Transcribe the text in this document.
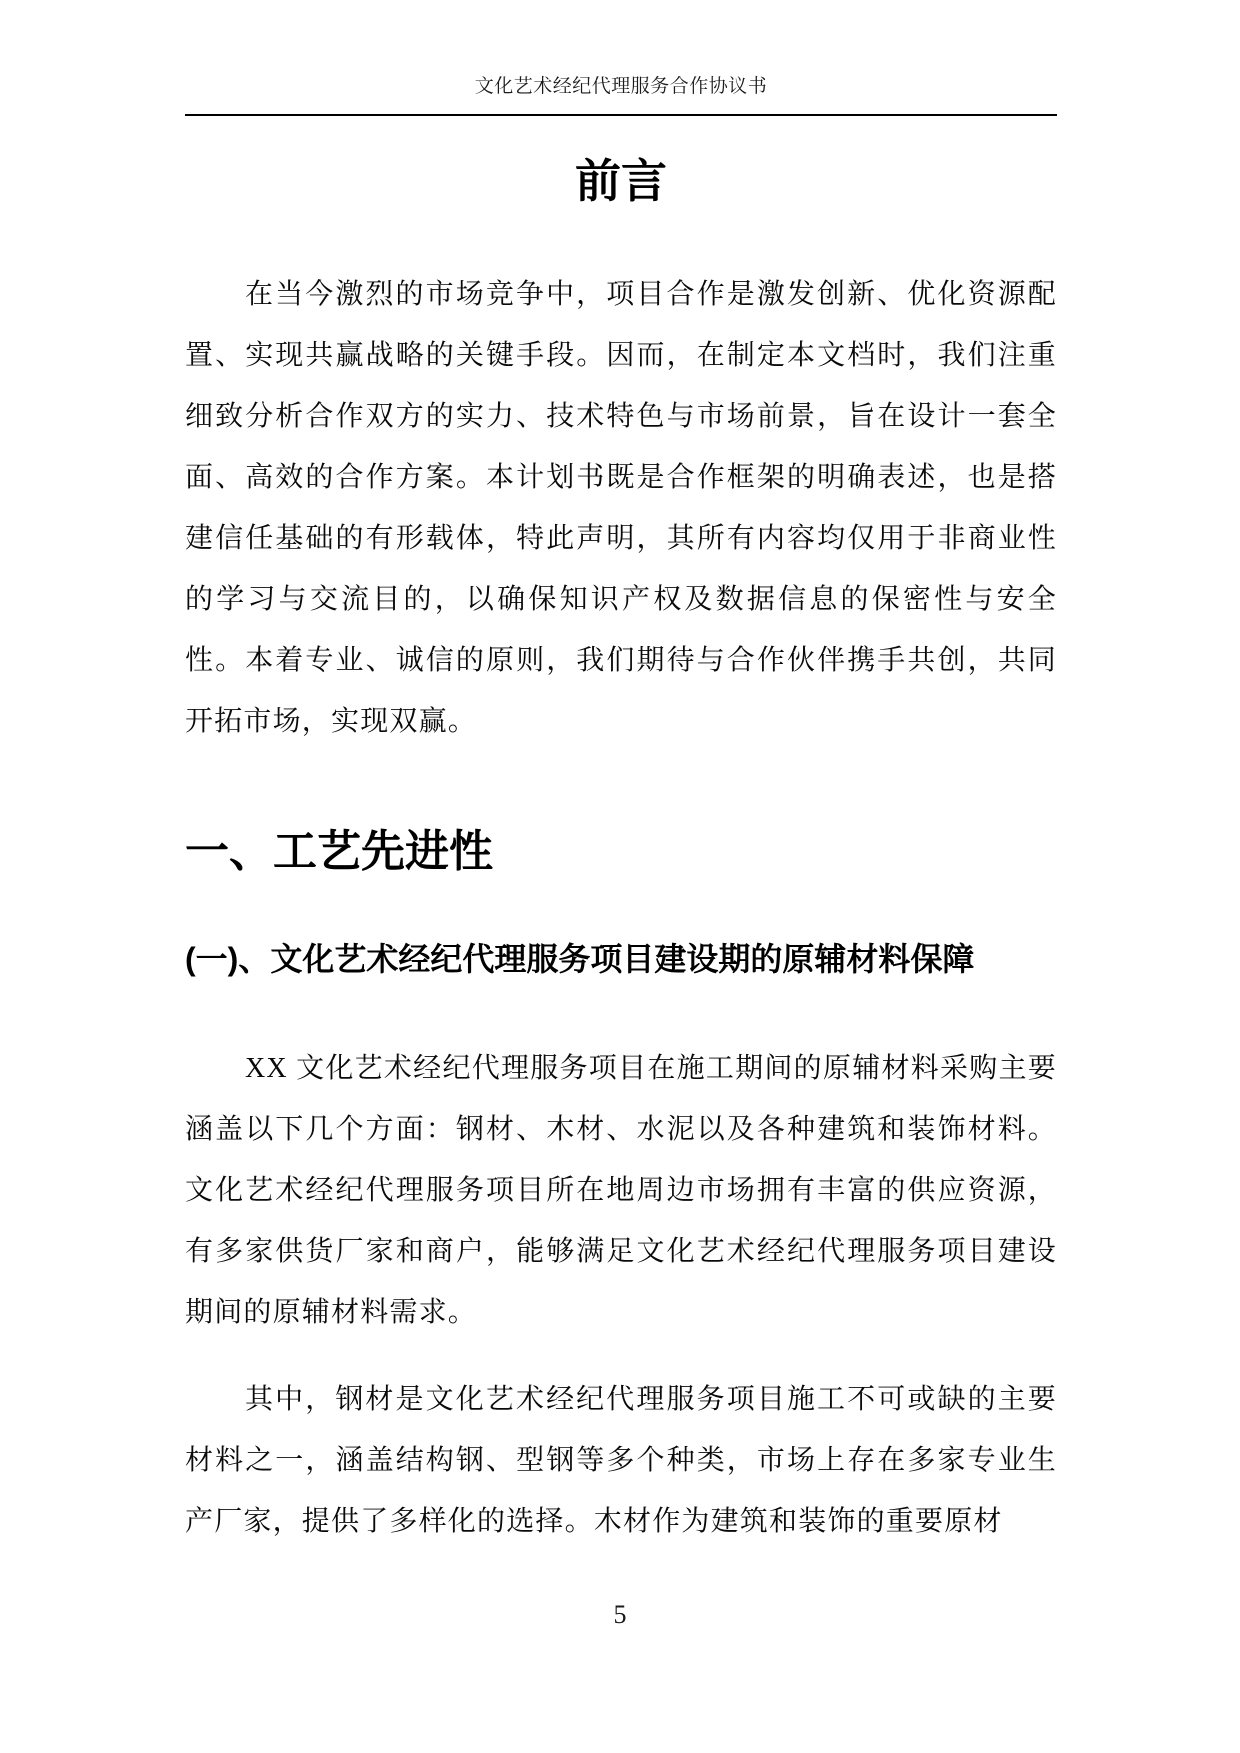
文化艺术经纪代理服务合作协议书
前言

在当今激烈的市场竞争中，项目合作是激发创新、优化资源配置、实现共赢战略的关键手段。因而，在制定本文档时，我们注重细致分析合作双方的实力、技术特色与市场前景，旨在设计一套全面、高效的合作方案。本计划书既是合作框架的明确表述，也是搭建信任基础的有形载体，特此声明，其所有内容均仅用于非商业性的学习与交流目的，以确保知识产权及数据信息的保密性与安全性。本着专业、诚信的原则，我们期待与合作伙伴携手共创，共同开拓市场，实现双赢。

一、工艺先进性
(一)、文化艺术经纪代理服务项目建设期的原辅材料保障

XX 文化艺术经纪代理服务项目在施工期间的原辅材料采购主要涵盖以下几个方面：钢材、木材、水泥以及各种建筑和装饰材料。文化艺术经纪代理服务项目所在地周边市场拥有丰富的供应资源，有多家供货厂家和商户，能够满足文化艺术经纪代理服务项目建设期间的原辅材料需求。

其中，钢材是文化艺术经纪代理服务项目施工不可或缺的主要材料之一，涵盖结构钢、型钢等多个种类，市场上存在多家专业生产厂家，提供了多样化的选择。木材作为建筑和装饰的重要原材

5
